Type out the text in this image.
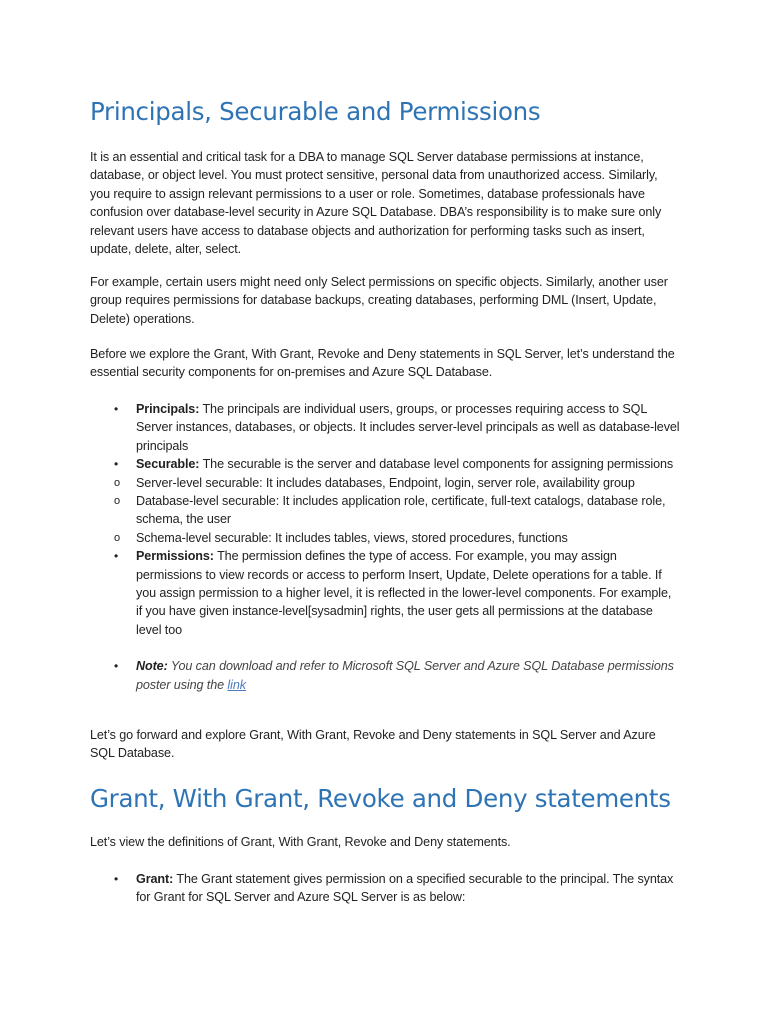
Principals, Securable and Permissions

It is an essential and critical task for a DBA to manage SQL Server database permissions at instance, database, or object level. You must protect sensitive, personal data from unauthorized access. Similarly, you require to assign relevant permissions to a user or role. Sometimes, database professionals have confusion over database-level security in Azure SQL Database. DBA’s responsibility is to make sure only relevant users have access to database objects and authorization for performing tasks such as insert, update, delete, alter, select.

For example, certain users might need only Select permissions on specific objects. Similarly, another user group requires permissions for database backups, creating databases, performing DML (Insert, Update, Delete) operations.

Before we explore the Grant, With Grant, Revoke and Deny statements in SQL Server, let’s understand the essential security components for on-premises and Azure SQL Database.

• Principals: The principals are individual users, groups, or processes requiring access to SQL Server instances, databases, or objects. It includes server-level principals as well as database-level principals
• Securable: The securable is the server and database level components for assigning permissions
o Server-level securable: It includes databases, Endpoint, login, server role, availability group
o Database-level securable: It includes application role, certificate, full-text catalogs, database role, schema, the user
o Schema-level securable: It includes tables, views, stored procedures, functions
• Permissions: The permission defines the type of access. For example, you may assign permissions to view records or access to perform Insert, Update, Delete operations for a table. If you assign permission to a higher level, it is reflected in the lower-level components. For example, if you have given instance-level[sysadmin] rights, the user gets all permissions at the database level too
• Note: You can download and refer to Microsoft SQL Server and Azure SQL Database permissions poster using the link

Let’s go forward and explore Grant, With Grant, Revoke and Deny statements in SQL Server and Azure SQL Database.

Grant, With Grant, Revoke and Deny statements

Let’s view the definitions of Grant, With Grant, Revoke and Deny statements.

• Grant: The Grant statement gives permission on a specified securable to the principal. The syntax for Grant for SQL Server and Azure SQL Server is as below:
